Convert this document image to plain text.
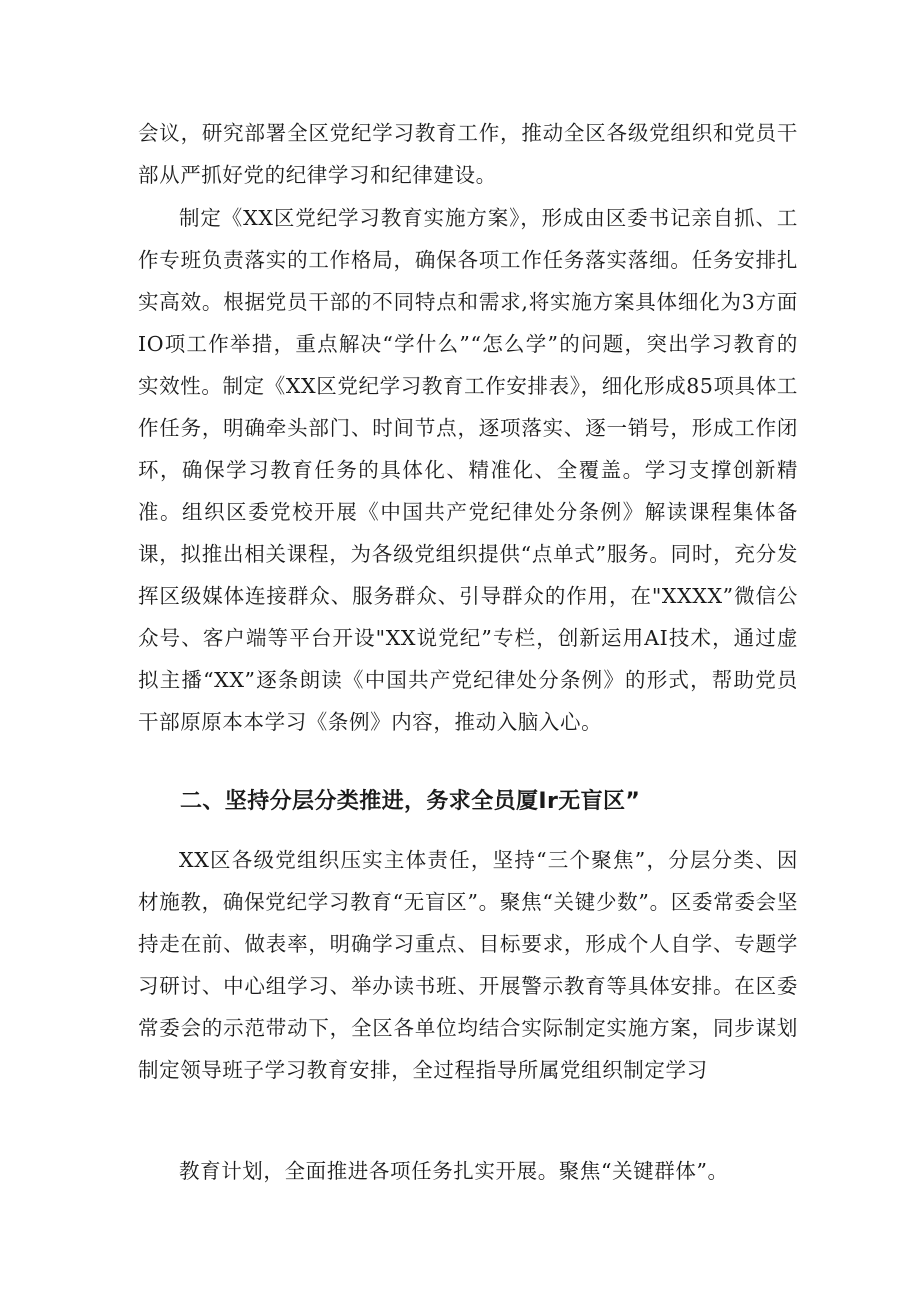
会议，研究部署全区党纪学习教育工作，推动全区各级党组织和党员干部从严抓好党的纪律学习和纪律建设。

制定《XX区党纪学习教育实施方案》，形成由区委书记亲自抓、工作专班负责落实的工作格局，确保各项工作任务落实落细。任务安排扎实高效。根据党员干部的不同特点和需求,将实施方案具体细化为3方面IO项工作举措，重点解决“学什么”“怎么学”的问题，突出学习教育的实效性。制定《XX区党纪学习教育工作安排表》，细化形成85项具体工作任务，明确牵头部门、时间节点，逐项落实、逐一销号，形成工作闭环，确保学习教育任务的具体化、精准化、全覆盖。学习支撑创新精准。组织区委党校开展《中国共产党纪律处分条例》解读课程集体备课，拟推出相关课程，为各级党组织提供“点单式”服务。同时，充分发挥区级媒体连接群众、服务群众、引导群众的作用，在"XXXX”微信公众号、客户端等平台开设"XX说党纪”专栏，创新运用AI技术，通过虚拟主播“XX”逐条朗读《中国共产党纪律处分条例》的形式，帮助党员干部原原本本学习《条例》内容，推动入脑入心。

二、坚持分层分类推进，务求全员厦Ir无盲区”

XX区各级党组织压实主体责任，坚持“三个聚焦”，分层分类、因材施教，确保党纪学习教育“无盲区”。聚焦“关键少数”。区委常委会坚持走在前、做表率，明确学习重点、目标要求，形成个人自学、专题学习研讨、中心组学习、举办读书班、开展警示教育等具体安排。在区委常委会的示范带动下，全区各单位均结合实际制定实施方案，同步谋划制定领导班子学习教育安排，全过程指导所属党组织制定学习

教育计划，全面推进各项任务扎实开展。聚焦“关键群体”。
